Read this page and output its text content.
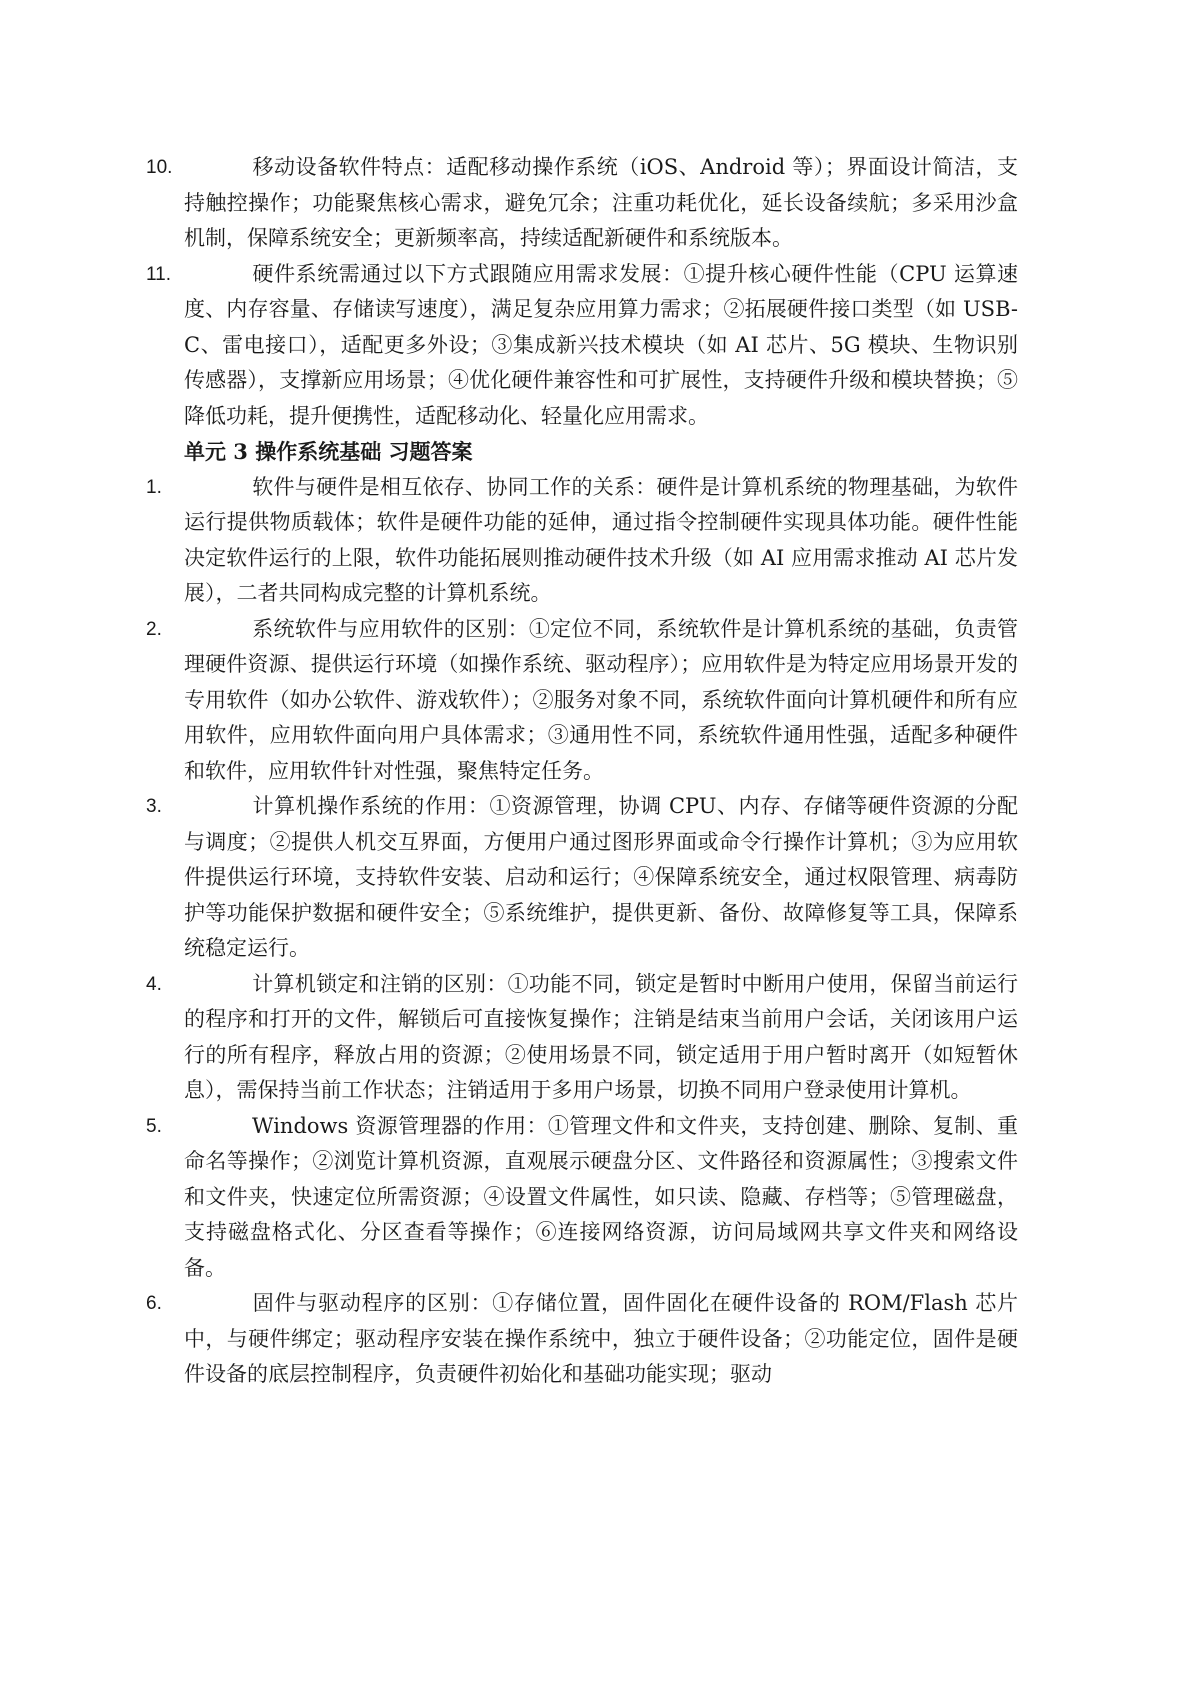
10.	移动设备软件特点：适配移动操作系统（iOS、Android 等）；界面设计简洁，支持触控操作；功能聚焦核心需求，避免冗余；注重功耗优化，延长设备续航；多采用沙盒机制，保障系统安全；更新频率高，持续适配新硬件和系统版本。

11.	硬件系统需通过以下方式跟随应用需求发展：①提升核心硬件性能（CPU 运算速度、内存容量、存储读写速度），满足复杂应用算力需求；②拓展硬件接口类型（如 USB-C、雷电接口），适配更多外设；③集成新兴技术模块（如 AI 芯片、5G 模块、生物识别传感器），支撑新应用场景；④优化硬件兼容性和可扩展性，支持硬件升级和模块替换；⑤降低功耗，提升便携性，适配移动化、轻量化应用需求。

单元 3 操作系统基础 习题答案

1.	软件与硬件是相互依存、协同工作的关系：硬件是计算机系统的物理基础，为软件运行提供物质载体；软件是硬件功能的延伸，通过指令控制硬件实现具体功能。硬件性能决定软件运行的上限，软件功能拓展则推动硬件技术升级（如 AI 应用需求推动 AI 芯片发展），二者共同构成完整的计算机系统。

2.	系统软件与应用软件的区别：①定位不同，系统软件是计算机系统的基础，负责管理硬件资源、提供运行环境（如操作系统、驱动程序）；应用软件是为特定应用场景开发的专用软件（如办公软件、游戏软件）；②服务对象不同，系统软件面向计算机硬件和所有应用软件，应用软件面向用户具体需求；③通用性不同，系统软件通用性强，适配多种硬件和软件，应用软件针对性强，聚焦特定任务。

3.	计算机操作系统的作用：①资源管理，协调 CPU、内存、存储等硬件资源的分配与调度；②提供人机交互界面，方便用户通过图形界面或命令行操作计算机；③为应用软件提供运行环境，支持软件安装、启动和运行；④保障系统安全，通过权限管理、病毒防护等功能保护数据和硬件安全；⑤系统维护，提供更新、备份、故障修复等工具，保障系统稳定运行。

4.	计算机锁定和注销的区别：①功能不同，锁定是暂时中断用户使用，保留当前运行的程序和打开的文件，解锁后可直接恢复操作；注销是结束当前用户会话，关闭该用户运行的所有程序，释放占用的资源；②使用场景不同，锁定适用于用户暂时离开（如短暂休息），需保持当前工作状态；注销适用于多用户场景，切换不同用户登录使用计算机。

5.	Windows 资源管理器的作用：①管理文件和文件夹，支持创建、删除、复制、重命名等操作；②浏览计算机资源，直观展示硬盘分区、文件路径和资源属性；③搜索文件和文件夹，快速定位所需资源；④设置文件属性，如只读、隐藏、存档等；⑤管理磁盘，支持磁盘格式化、分区查看等操作；⑥连接网络资源，访问局域网共享文件夹和网络设备。

6.	固件与驱动程序的区别：①存储位置，固件固化在硬件设备的 ROM/Flash 芯片中，与硬件绑定；驱动程序安装在操作系统中，独立于硬件设备；②功能定位，固件是硬件设备的底层控制程序，负责硬件初始化和基础功能实现；驱动
